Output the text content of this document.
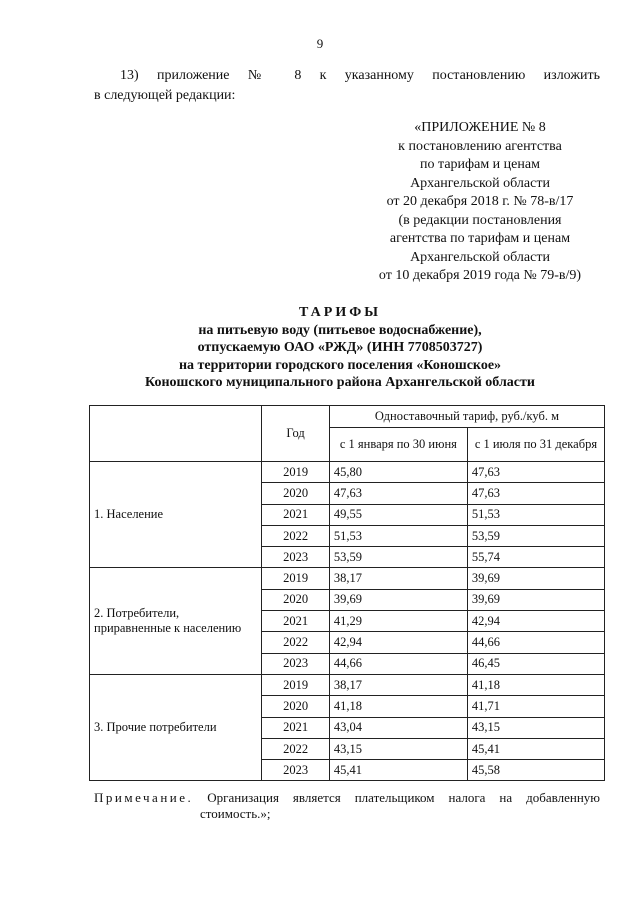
9
13) приложение № 8 к указанному постановлению изложить
в следующей редакции:
«ПРИЛОЖЕНИЕ № 8
к постановлению агентства
по тарифам и ценам
Архангельской области
от 20 декабря 2018 г. № 78-в/17
(в редакции постановления
агентства по тарифам и ценам
Архангельской области
от 10 декабря 2019 года № 79-в/9)
ТАРИФЫ
на питьевую воду (питьевое водоснабжение),
отпускаемую ОАО «РЖД» (ИНН 7708503727)
на территории городского поселения «Коношское»
Коношского муниципального района Архангельской области
	Год	Одноставочный тариф, руб./куб. м	
		с 1 января по 30 июня	с 1 июля по 31 декабря
1. Население	2019	45,80	47,63
	2020	47,63	47,63
	2021	49,55	51,53
	2022	51,53	53,59
	2023	53,59	55,74
2. Потребители, приравненные к населению	2019	38,17	39,69
	2020	39,69	39,69
	2021	41,29	42,94
	2022	42,94	44,66
	2023	44,66	46,45
3. Прочие потребители	2019	38,17	41,18
	2020	41,18	41,71
	2021	43,04	43,15
	2022	43,15	45,41
	2023	45,41	45,58
Примечание. Организация является плательщиком налога на добавленную
стоимость.»;
